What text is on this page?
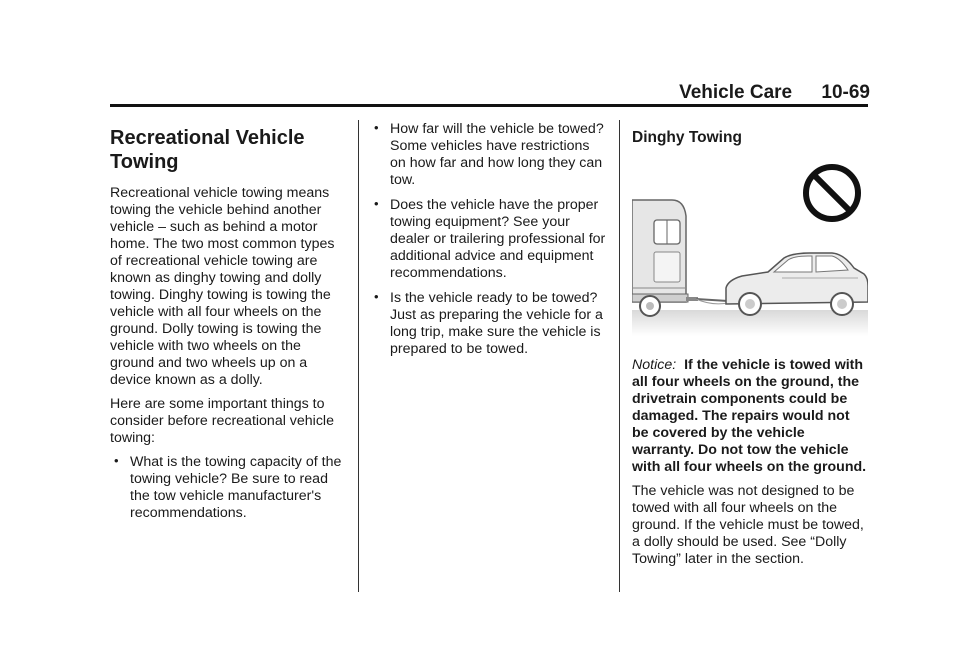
Vehicle Care 10-69
Recreational Vehicle Towing

Recreational vehicle towing means towing the vehicle behind another vehicle – such as behind a motor home. The two most common types of recreational vehicle towing are known as dinghy towing and dolly towing. Dinghy towing is towing the vehicle with all four wheels on the ground. Dolly towing is towing the vehicle with two wheels on the ground and two wheels up on a device known as a dolly.

Here are some important things to consider before recreational vehicle towing:

• What is the towing capacity of the towing vehicle? Be sure to read the tow vehicle manufacturer's recommendations.
• How far will the vehicle be towed? Some vehicles have restrictions on how far and how long they can tow.
• Does the vehicle have the proper towing equipment? See your dealer or trailering professional for additional advice and equipment recommendations.
• Is the vehicle ready to be towed? Just as preparing the vehicle for a long trip, make sure the vehicle is prepared to be towed.
Dinghy Towing

Notice: If the vehicle is towed with all four wheels on the ground, the drivetrain components could be damaged. The repairs would not be covered by the vehicle warranty. Do not tow the vehicle with all four wheels on the ground.

The vehicle was not designed to be towed with all four wheels on the ground. If the vehicle must be towed, a dolly should be used. See “Dolly Towing” later in the section.
